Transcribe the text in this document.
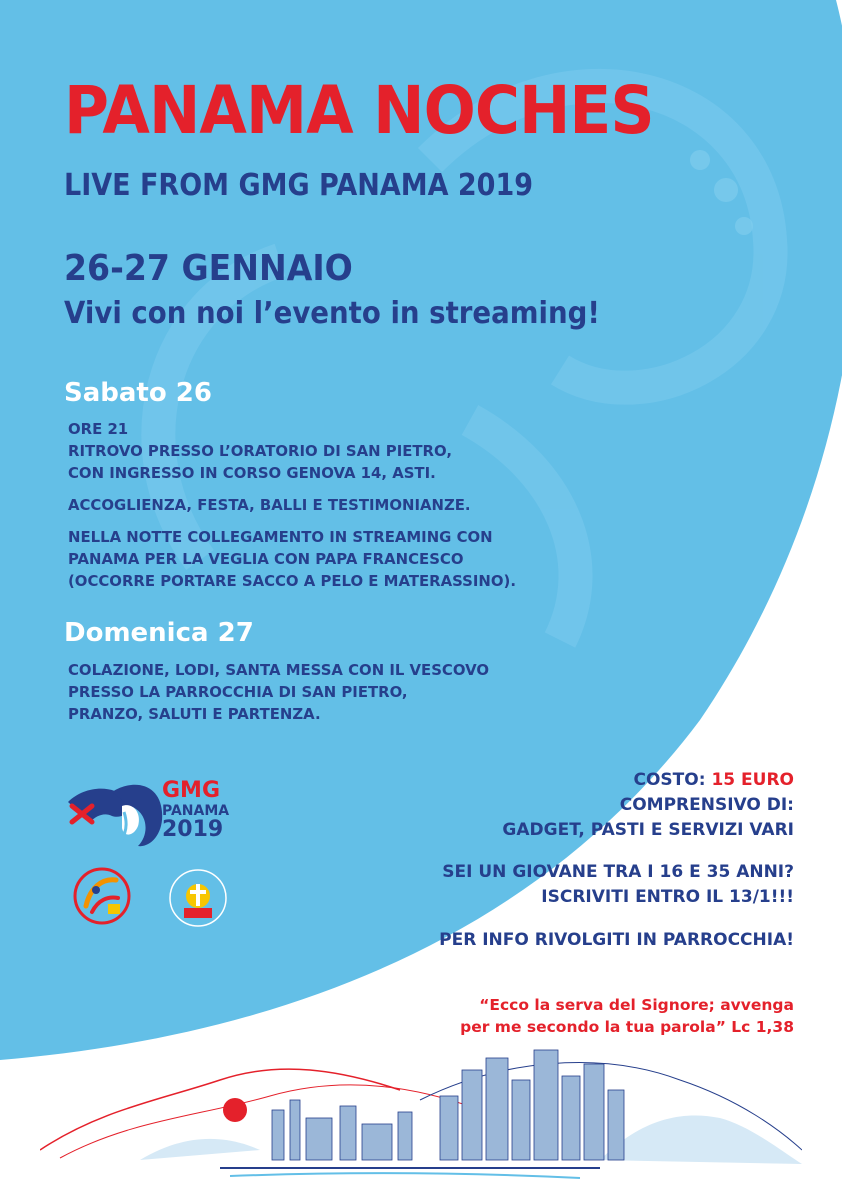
PANAMA NOCHES
LIVE FROM GMG PANAMA 2019
26-27 GENNAIO
Vivi con noi l’evento in streaming!
Sabato 26
ORE 21
RITROVO PRESSO L’ORATORIO DI SAN PIETRO,
CON INGRESSO IN CORSO GENOVA 14, ASTI.
ACCOGLIENZA, FESTA, BALLI E TESTIMONIANZE.
NELLA NOTTE COLLEGAMENTO IN STREAMING CON
PANAMA PER LA VEGLIA CON PAPA FRANCESCO
(OCCORRE PORTARE SACCO A PELO E MATERASSINO).
Domenica 27
COLAZIONE, LODI, SANTA MESSA CON IL VESCOVO
PRESSO LA PARROCCHIA DI SAN PIETRO,
PRANZO, SALUTI E PARTENZA.
GMG
PANAMA
2019
COSTO: 15 EURO
COMPRENSIVO DI:
GADGET, PASTI E SERVIZI VARI
SEI UN GIOVANE TRA I 16 E 35 ANNI?
ISCRIVITI ENTRO IL 13/1!!!
PER INFO RIVOLGITI IN PARROCCHIA!
“Ecco la serva del Signore; avvenga
per me secondo la tua parola” Lc 1,38
